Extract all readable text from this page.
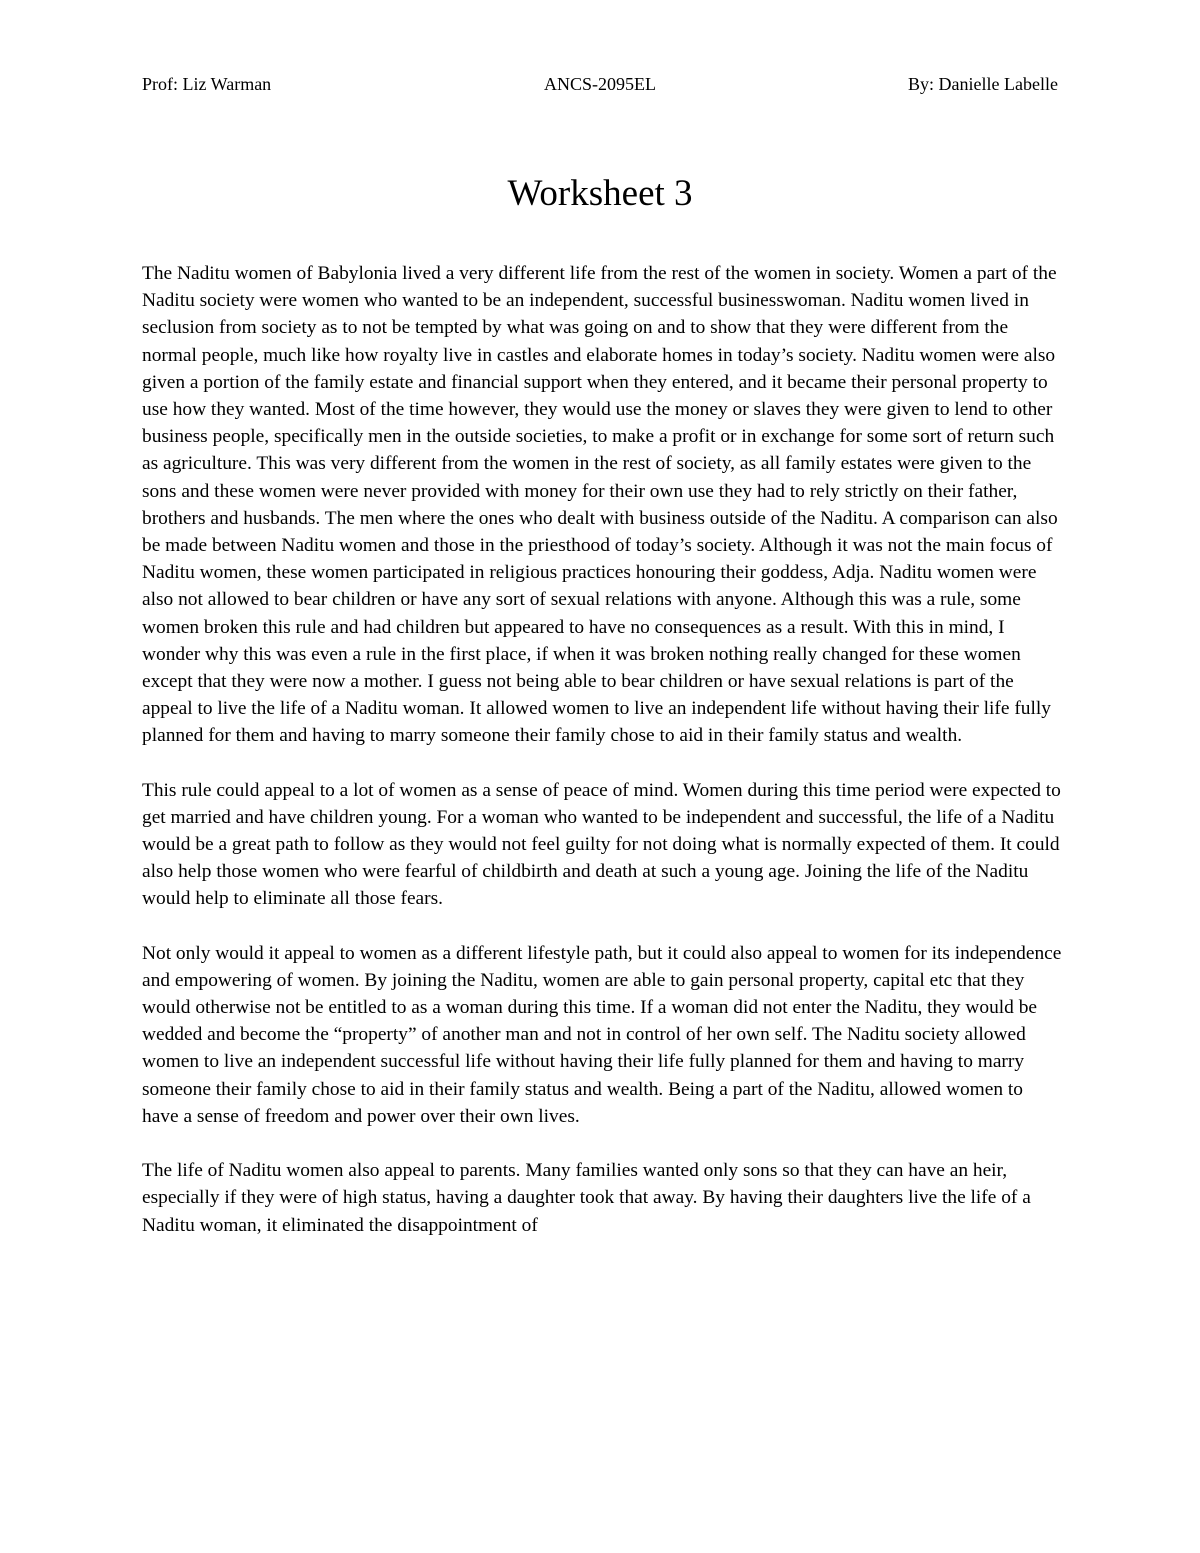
Prof: Liz Warman	ANCS-2095EL	By: Danielle Labelle
Worksheet 3

The Naditu women of Babylonia lived a very different life from the rest of the women in society. Women a part of the Naditu society were women who wanted to be an independent, successful businesswoman. Naditu women lived in seclusion from society as to not be tempted by what was going on and to show that they were different from the normal people, much like how royalty live in castles and elaborate homes in today’s society. Naditu women were also given a portion of the family estate and financial support when they entered, and it became their personal property to use how they wanted. Most of the time however, they would use the money or slaves they were given to lend to other business people, specifically men in the outside societies, to make a profit or in exchange for some sort of return such as agriculture. This was very different from the women in the rest of society, as all family estates were given to the sons and these women were never provided with money for their own use they had to rely strictly on their father, brothers and husbands. The men where the ones who dealt with business outside of the Naditu. A comparison can also be made between Naditu women and those in the priesthood of today’s society. Although it was not the main focus of Naditu women, these women participated in religious practices honouring their goddess, Adja. Naditu women were also not allowed to bear children or have any sort of sexual relations with anyone. Although this was a rule, some women broken this rule and had children but appeared to have no consequences as a result. With this in mind, I wonder why this was even a rule in the first place, if when it was broken nothing really changed for these women except that they were now a mother. I guess not being able to bear children or have sexual relations is part of the appeal to live the life of a Naditu woman. It allowed women to live an independent life without having their life fully planned for them and having to marry someone their family chose to aid in their family status and wealth.

This rule could appeal to a lot of women as a sense of peace of mind. Women during this time period were expected to get married and have children young. For a woman who wanted to be independent and successful, the life of a Naditu would be a great path to follow as they would not feel guilty for not doing what is normally expected of them. It could also help those women who were fearful of childbirth and death at such a young age. Joining the life of the Naditu would help to eliminate all those fears.

Not only would it appeal to women as a different lifestyle path, but it could also appeal to women for its independence and empowering of women. By joining the Naditu, women are able to gain personal property, capital etc that they would otherwise not be entitled to as a woman during this time. If a woman did not enter the Naditu, they would be wedded and become the “property” of another man and not in control of her own self. The Naditu society allowed women to live an independent successful life without having their life fully planned for them and having to marry someone their family chose to aid in their family status and wealth. Being a part of the Naditu, allowed women to have a sense of freedom and power over their own lives.

The life of Naditu women also appeal to parents. Many families wanted only sons so that they can have an heir, especially if they were of high status, having a daughter took that away. By having their daughters live the life of a Naditu woman, it eliminated the disappointment of
